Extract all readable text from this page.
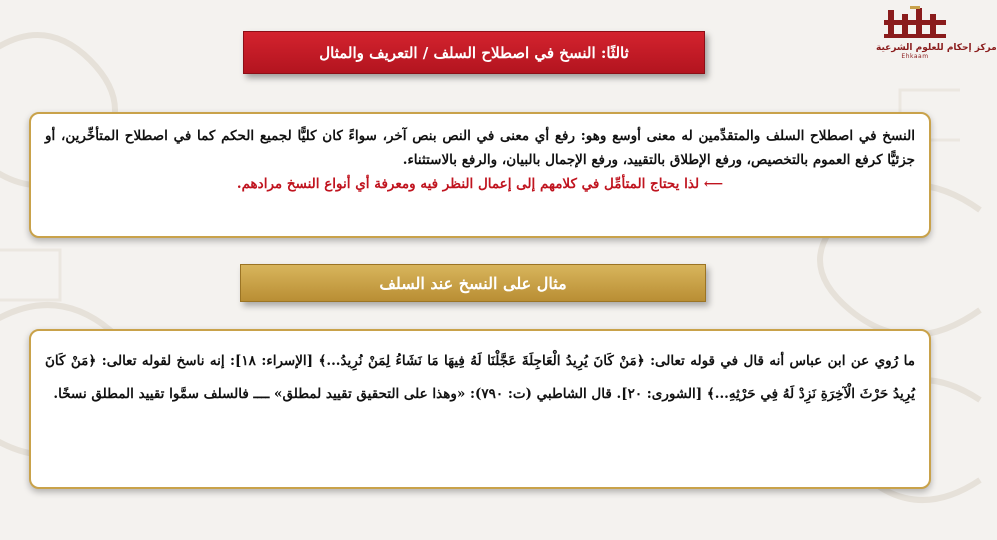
مركز إحكام للعلوم الشرعية
Ehkaam
ثالثًا: النسخ في اصطلاح السلف / التعريف والمثال

النسخ في اصطلاح السلف والمتقدِّمين له معنى أوسع وهو: رفع أي معنى في النص بنص آخر، سواءً كان كليًّا لجميع الحكم كما في اصطلاح المتأخِّرين، أو جزئيًّا كرفع العموم بالتخصيص، ورفع الإطلاق بالتقييد، ورفع الإجمال بالبيان، والرفع بالاستثناء.

⟵ لذا يحتاج المتأمِّل في كلامهم إلى إعمال النظر فيه ومعرفة أي أنواع النسخ مرادهم.

مثال على النسخ عند السلف

ما رُوي عن ابن عباس أنه قال في قوله تعالى: ﴿مَنْ كَانَ يُرِيدُ الْعَاجِلَةَ عَجَّلْنَا لَهُ فِيهَا مَا نَشَاءُ لِمَنْ نُرِيدُ...﴾ [الإسراء: ١٨]: إنه ناسخ لقوله تعالى: ﴿مَنْ كَانَ يُرِيدُ حَرْثَ الْآخِرَةِ نَزِدْ لَهُ فِي حَرْثِهِ...﴾ [الشورى: ٢٠]. قال الشاطبي (ت: ٧٩٠): «وهذا على التحقيق تقييد لمطلق» ــــ فالسلف سمَّوا تقييد المطلق نسخًا.
